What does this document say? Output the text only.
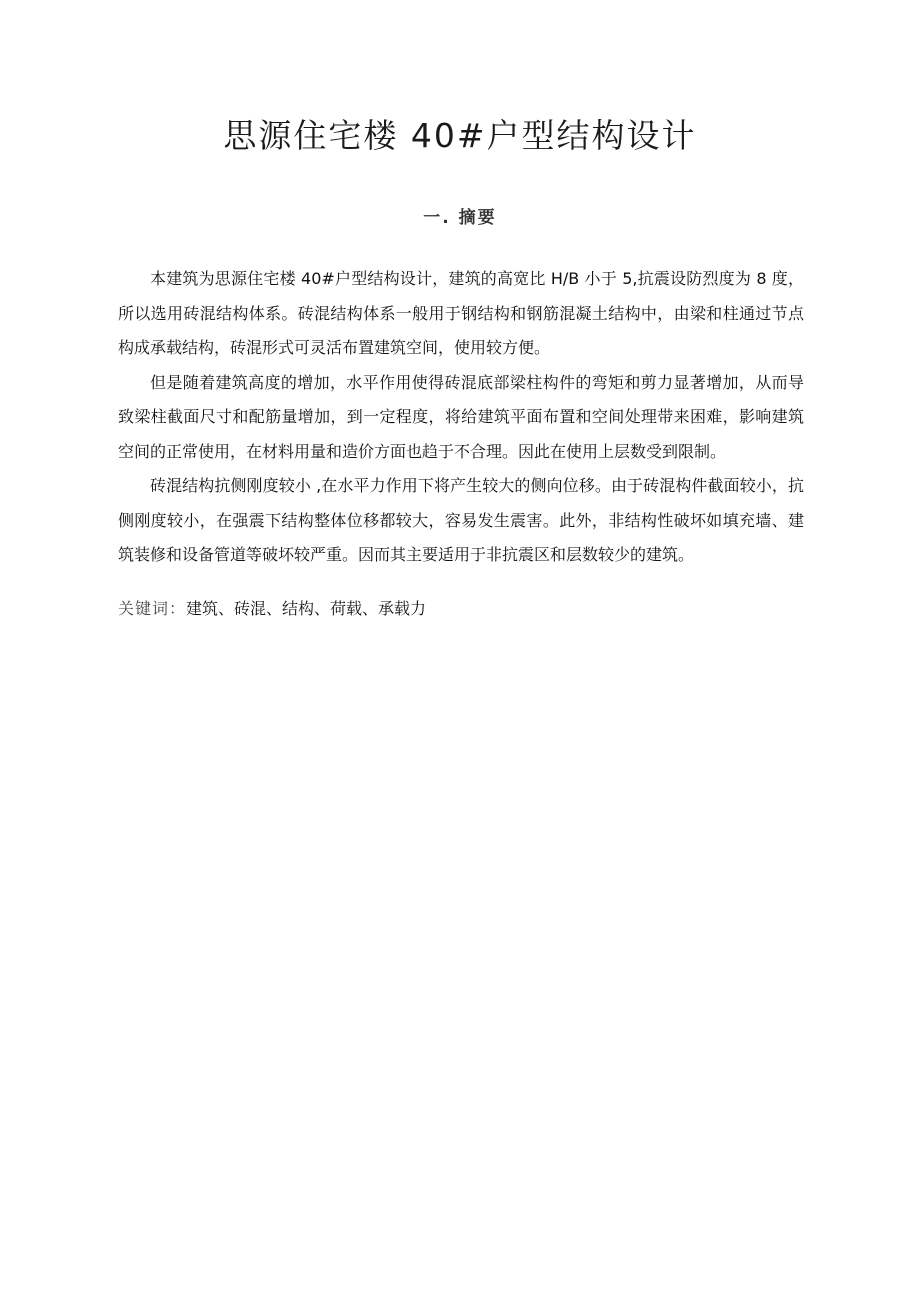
思源住宅楼 40#户型结构设计
一. 摘要

本建筑为思源住宅楼 40#户型结构设计，建筑的高宽比 H/B 小于 5,抗震设防烈度为 8 度，所以选用砖混结构体系。砖混结构体系一般用于钢结构和钢筋混凝土结构中，由梁和柱通过节点构成承载结构，砖混形式可灵活布置建筑空间，使用较方便。

但是随着建筑高度的增加，水平作用使得砖混底部梁柱构件的弯矩和剪力显著增加，从而导致梁柱截面尺寸和配筋量增加，到一定程度，将给建筑平面布置和空间处理带来困难，影响建筑空间的正常使用，在材料用量和造价方面也趋于不合理。因此在使用上层数受到限制。

砖混结构抗侧刚度较小 ,在水平力作用下将产生较大的侧向位移。由于砖混构件截面较小，抗侧刚度较小，在强震下结构整体位移都较大，容易发生震害。此外，非结构性破坏如填充墙、建筑装修和设备管道等破坏较严重。因而其主要适用于非抗震区和层数较少的建筑。

关键词：建筑、砖混、结构、荷载、承载力
